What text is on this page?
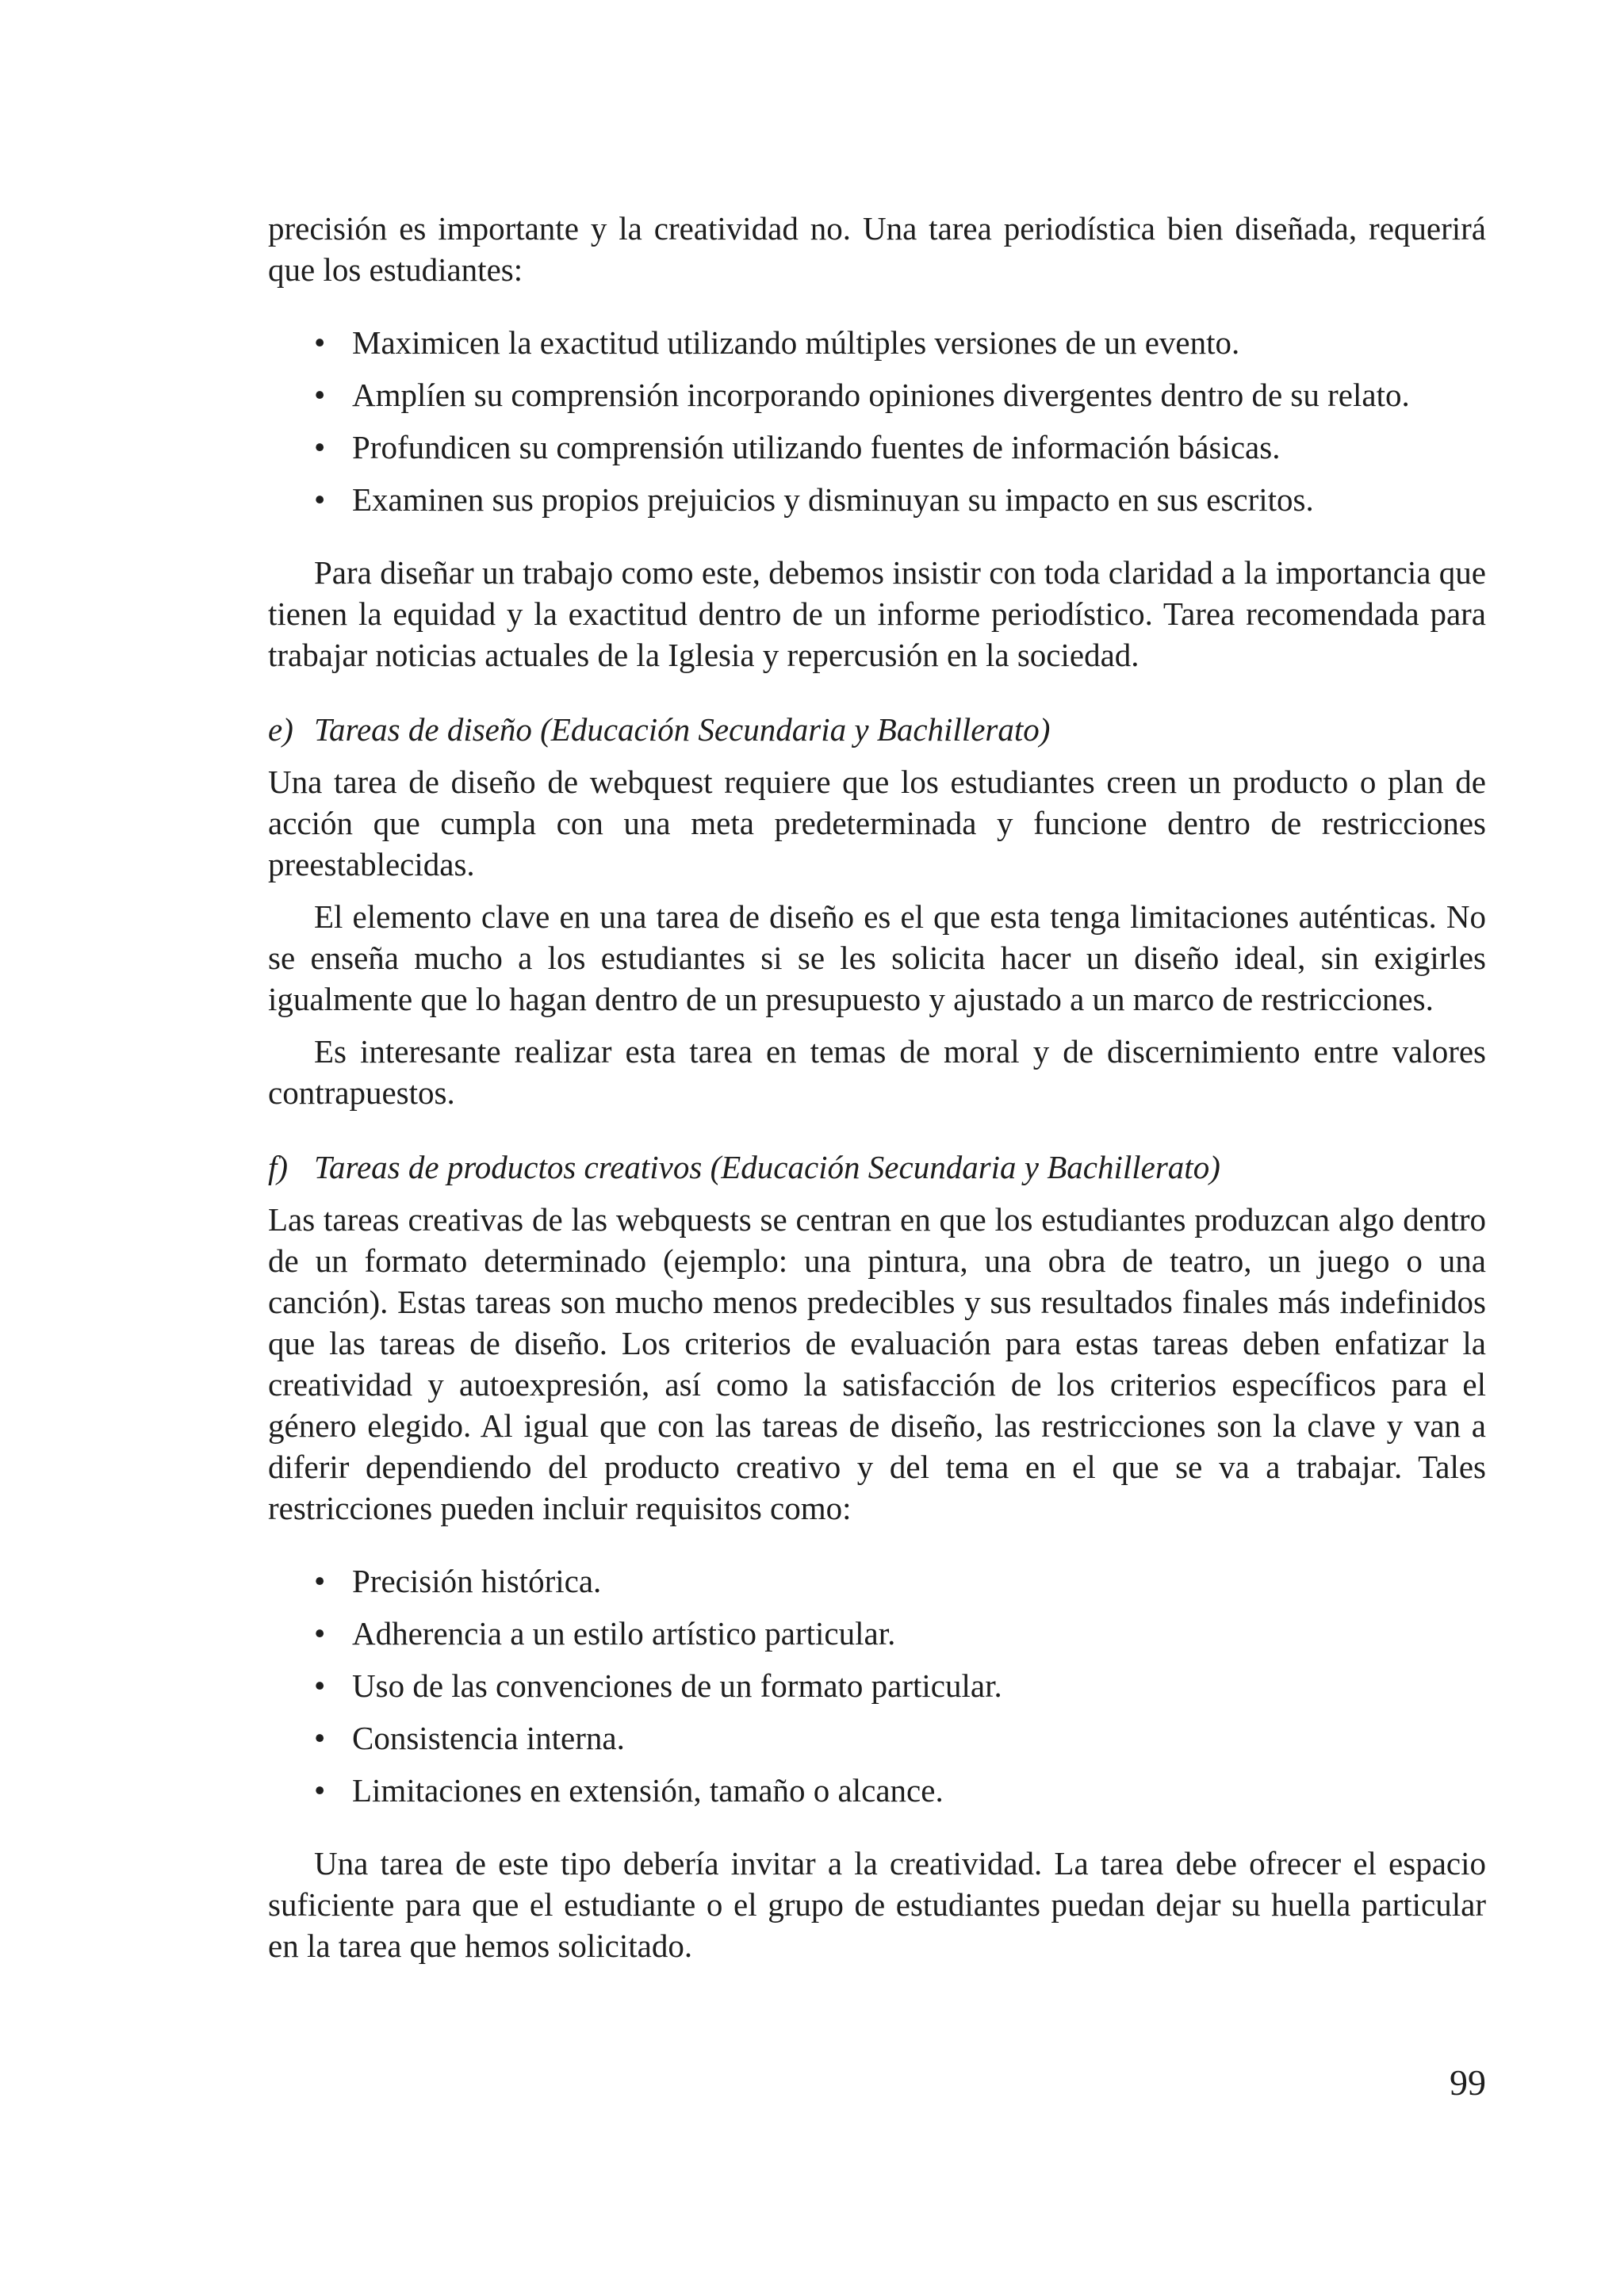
precisión es importante y la creatividad no. Una tarea periodística bien diseñada, requerirá que los estudiantes:

• Maximicen la exactitud utilizando múltiples versiones de un evento.
• Amplíen su comprensión incorporando opiniones divergentes dentro de su relato.
• Profundicen su comprensión utilizando fuentes de información básicas.
• Examinen sus propios prejuicios y disminuyan su impacto en sus escritos.

Para diseñar un trabajo como este, debemos insistir con toda claridad a la importancia que tienen la equidad y la exactitud dentro de un informe periodístico. Tarea recomendada para trabajar noticias actuales de la Iglesia y repercusión en la sociedad.

e) Tareas de diseño (Educación Secundaria y Bachillerato)

Una tarea de diseño de webquest requiere que los estudiantes creen un producto o plan de acción que cumpla con una meta predeterminada y funcione dentro de restricciones preestablecidas.

El elemento clave en una tarea de diseño es el que esta tenga limitaciones auténticas. No se enseña mucho a los estudiantes si se les solicita hacer un diseño ideal, sin exigirles igualmente que lo hagan dentro de un presupuesto y ajustado a un marco de restricciones.

Es interesante realizar esta tarea en temas de moral y de discernimiento entre valores contrapuestos.

f) Tareas de productos creativos (Educación Secundaria y Bachillerato)

Las tareas creativas de las webquests se centran en que los estudiantes produzcan algo dentro de un formato determinado (ejemplo: una pintura, una obra de teatro, un juego o una canción). Estas tareas son mucho menos predecibles y sus resultados finales más indefinidos que las tareas de diseño. Los criterios de evaluación para estas tareas deben enfatizar la creatividad y autoexpresión, así como la satisfacción de los criterios específicos para el género elegido. Al igual que con las tareas de diseño, las restricciones son la clave y van a diferir dependiendo del producto creativo y del tema en el que se va a trabajar. Tales restricciones pueden incluir requisitos como:

• Precisión histórica.
• Adherencia a un estilo artístico particular.
• Uso de las convenciones de un formato particular.
• Consistencia interna.
• Limitaciones en extensión, tamaño o alcance.

Una tarea de este tipo debería invitar a la creatividad. La tarea debe ofrecer el espacio suficiente para que el estudiante o el grupo de estudiantes puedan dejar su huella particular en la tarea que hemos solicitado.

99
